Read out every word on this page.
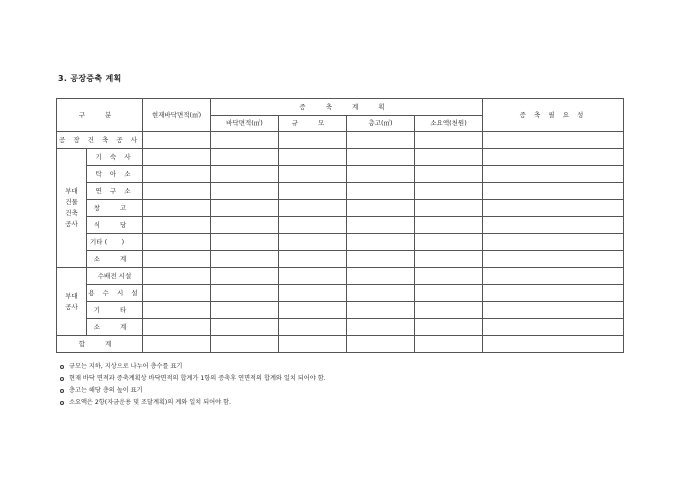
3. 공장증축 계획
구 분		현재바닥면적(㎡)	증 축 계 획				증 축 필 요 성
			바닥면적(㎡)	규 모	층고(㎡)	소요액(천원)	
공 장 건 축 공 사							
부대
건물
건축
공사	기 숙 사						
	탁 아 소						
	연 구 소						
	창 고						
	식 당						
	기타 (       )						
	소 계						
부대
공사	수배전 시설						
	용 수 시 설						
	기 타						
	소 계						
합 계							
규모는 지하, 지상으로 나누어 층수를 표기
현재 바닥 면적과 증축계획상 바닥면적의 합계가 1항의 증축후 연면적의 합계와 일치 되어야 함.
층고는 해당 층의 높이 표기
소요액은 2항(자금운용 및 조달계획)의 계와 일치 되어야 함.
